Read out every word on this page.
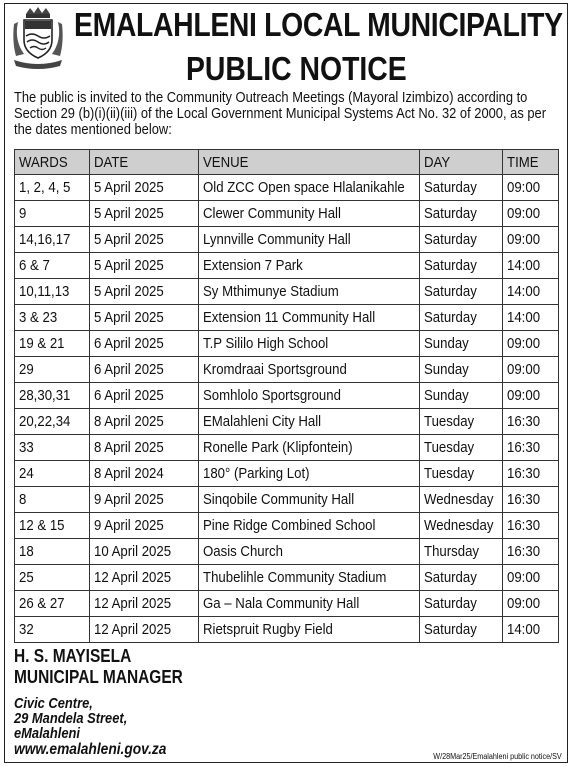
EMALAHLENI LOCAL MUNICIPALITY
PUBLIC NOTICE
The public is invited to the Community Outreach Meetings (Mayoral Izimbizo) according to
Section 29 (b)(i)(ii)(iii) of the Local Government Municipal Systems Act No. 32 of 2000, as per
the dates mentioned below:
WARDS	DATE	VENUE	DAY	TIME
1, 2, 4, 5	5 April 2025	Old ZCC Open space Hlalanikahle	Saturday	09:00
9	5 April 2025	Clewer Community Hall	Saturday	09:00
14,16,17	5 April 2025	Lynnville Community Hall	Saturday	09:00
6 & 7	5 April 2025	Extension 7 Park	Saturday	14:00
10,11,13	5 April 2025	Sy Mthimunye Stadium	Saturday	14:00
3 & 23	5 April 2025	Extension 11 Community Hall	Saturday	14:00
19 & 21	6 April 2025	T.P Sililo High School	Sunday	09:00
29	6 April 2025	Kromdraai Sportsground	Sunday	09:00
28,30,31	6 April 2025	Somhlolo Sportsground	Sunday	09:00
20,22,34	8 April 2025	EMalahleni City Hall	Tuesday	16:30
33	8 April 2025	Ronelle Park (Klipfontein)	Tuesday	16:30
24	8 April 2024	180° (Parking Lot)	Tuesday	16:30
8	9 April 2025	Sinqobile Community Hall	Wednesday	16:30
12 & 15	9 April 2025	Pine Ridge Combined School	Wednesday	16:30
18	10 April 2025	Oasis Church	Thursday	16:30
25	12 April 2025	Thubelihle Community Stadium	Saturday	09:00
26 & 27	12 April 2025	Ga – Nala Community Hall	Saturday	09:00
32	12 April 2025	Rietspruit Rugby Field	Saturday	14:00
H. S. MAYISELA
MUNICIPAL MANAGER
Civic Centre,
29 Mandela Street,
eMalahleni
www.emalahleni.gov.za	W/28Mar25/Emalahleni public notice/SV
